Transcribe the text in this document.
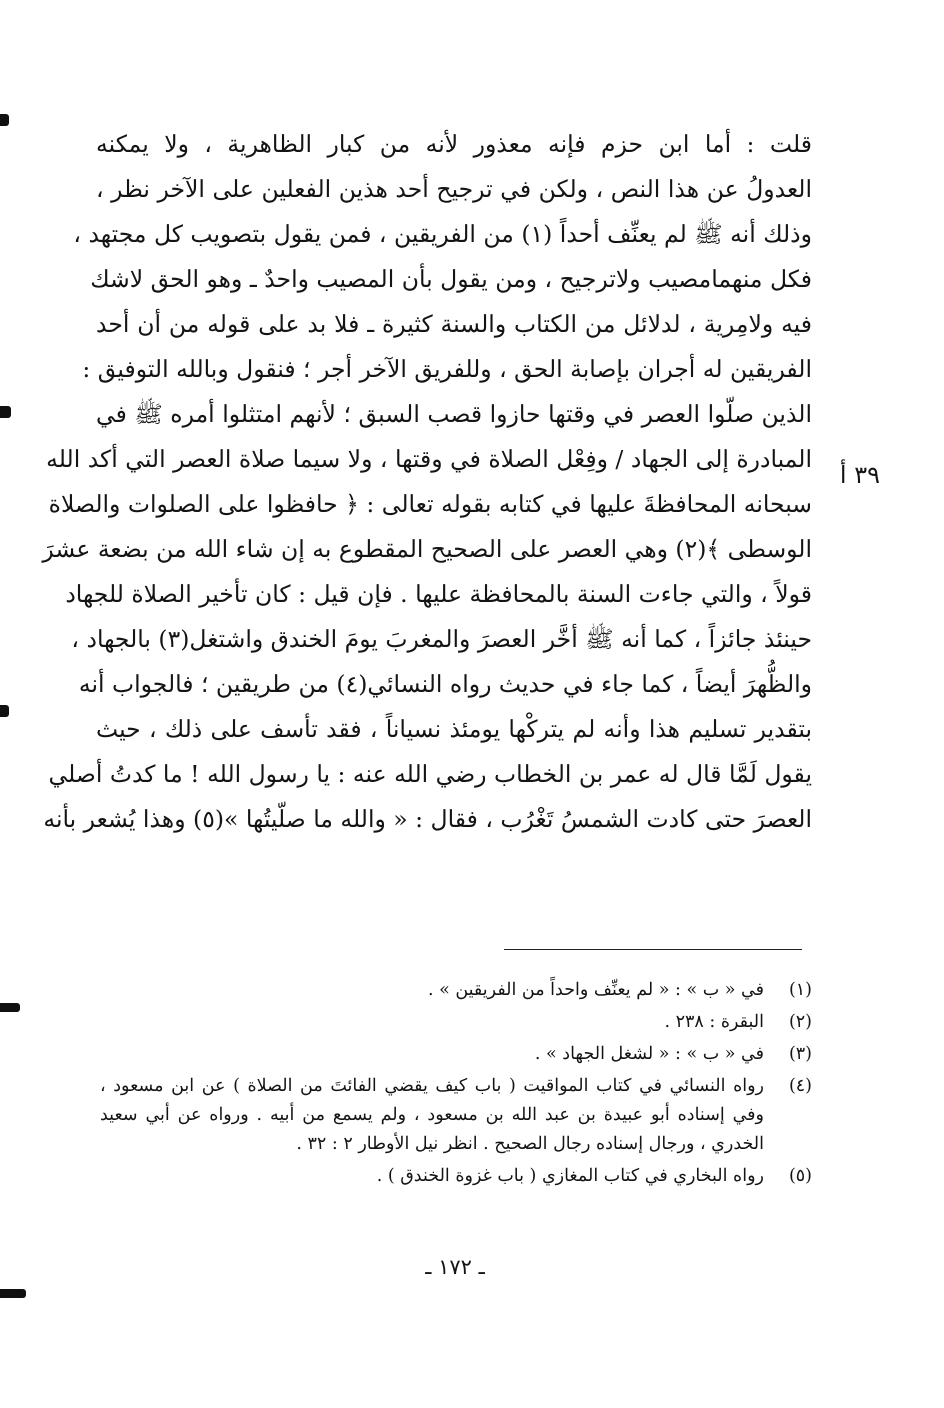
قلت : أما ابن حزم فإنه معذور لأنه من كبار الظاهرية ، ولا يمكنه
العدولُ عن هذا النص ، ولكن في ترجيح أحد هذين الفعلين على الآخر نظر ،
وذلك أنه ﷺ لم يعنِّف أحداً (١) من الفريقين ، فمن يقول بتصويب كل مجتهد ،
فكل منهمامصيب ولاترجيح ، ومن يقول بأن المصيب واحدٌ ـ وهو الحق لاشك
فيه ولامِرية ، لدلائل من الكتاب والسنة كثيرة ـ فلا بد على قوله من أن أحد
الفريقين له أجران بإصابة الحق ، وللفريق الآخر أجر ؛ فنقول وبالله التوفيق :
الذين صلّوا العصر في وقتها حازوا قصب السبق ؛ لأنهم امتثلوا أمره ﷺ في
المبادرة إلى الجهاد / وفِعْل الصلاة في وقتها ، ولا سيما صلاة العصر التي أكد الله
سبحانه المحافظةَ عليها في كتابه بقوله تعالى : ﴿ حافظوا على الصلوات والصلاة
الوسطى ﴾(٢) وهي العصر على الصحيح المقطوع به إن شاء الله من بضعة عشرَ
قولاً ، والتي جاءت السنة بالمحافظة عليها . فإن قيل : كان تأخير الصلاة للجهاد
حينئذ جائزاً ، كما أنه ﷺ أخَّر العصرَ والمغربَ يومَ الخندق واشتغل(٣) بالجهاد ،
والظُّهرَ أيضاً ، كما جاء في حديث رواه النسائي(٤) من طريقين ؛ فالجواب أنه
بتقدير تسليم هذا وأنه لم يتركْها يومئذ نسياناً ، فقد تأسف على ذلك ، حيث
يقول لَمَّا قال له عمر بن الخطاب رضي الله عنه : يا رسول الله ! ما كدتُ أصلي
العصرَ حتى كادت الشمسُ تَغْرُب ، فقال : « والله ما صلّيتُها »(٥) وهذا يُشعر بأنه
٣٩ أ
(١)
في « ب » : « لم يعنِّف واحداً من الفريقين » .
(٢)
البقرة : ٢٣٨ .
(٣)
في « ب » : « لشغل الجهاد » .
(٤)
رواه النسائي في كتاب المواقيت ( باب كيف يقضي الفائتَ من الصلاة ) عن ابن مسعود ،
وفي إسناده أبو عبيدة بن عبد الله بن مسعود ، ولم يسمع من أبيه . ورواه عن أبي سعيد
الخدري ، ورجال إسناده رجال الصحيح . انظر نيل الأوطار ٢ : ٣٢ .
(٥)
رواه البخاري في كتاب المغازي ( باب غزوة الخندق ) .
ـ ١٧٢ ـ
